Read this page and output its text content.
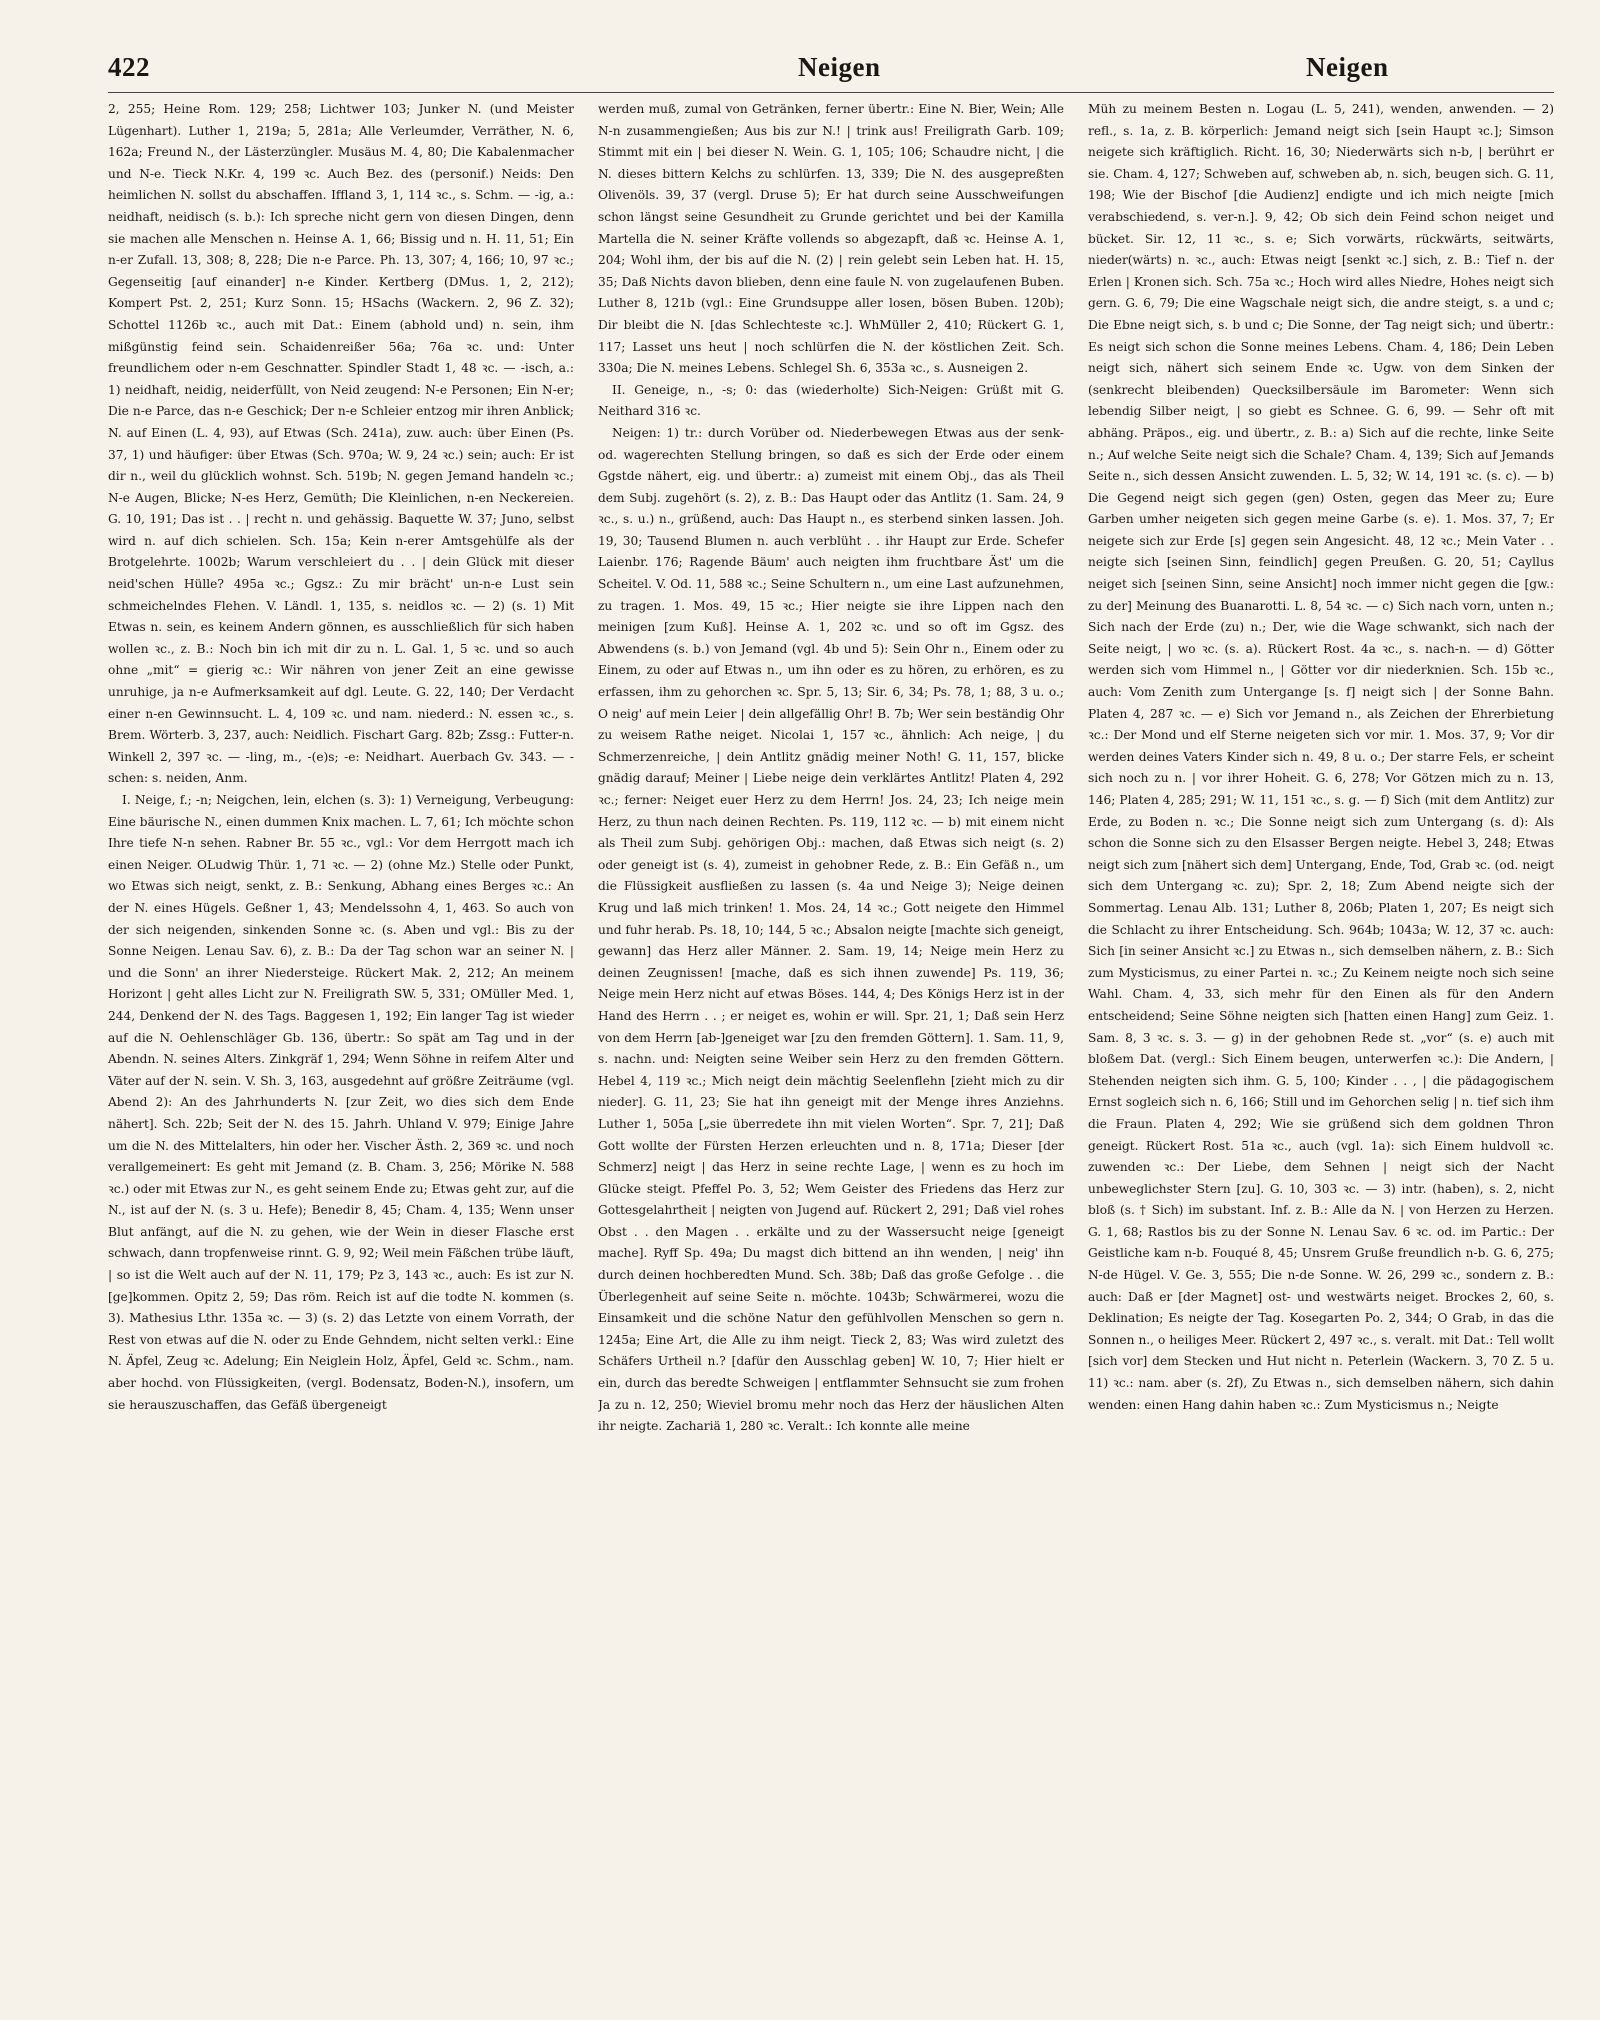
422	Neigen	Neigen

2, 255; Heine Rom. 129; 258; Lichtwer 103; Junker N. (und Meister Lügenhart). Luther 1, 219a; 5, 281a; Alle Verleumder, Verräther, N. 6, 162a; Freund N., der Lästerzüngler. Musäus M. 4, 80; Die Kabalenmacher und N-e. Tieck N.Kr. 4, 199 ꝛc. Auch Bez. des (personif.) Neids: Den heimlichen N. sollst du abschaffen. Iffland 3, 1, 114 ꝛc., s. Schm. — -ig, a.: neidhaft, neidisch (s. b.): Ich spreche nicht gern von diesen Dingen, denn sie machen alle Menschen n. Heinse A. 1, 66; Bissig und n. H. 11, 51; Ein n-er Zufall. 13, 308; 8, 228; Die n-e Parce. Ph. 13, 307; 4, 166; 10, 97 ꝛc.; Gegenseitig [auf einander] n-e Kinder. Kertberg (DMus. 1, 2, 212); Kompert Pst. 2, 251; Kurz Sonn. 15; HSachs (Wackern. 2, 96 Z. 32); Schottel 1126b ꝛc., auch mit Dat.: Einem (abhold und) n. sein, ihm mißgünstig feind sein. Schaidenreißer 56a; 76a ꝛc. und: Unter freundlichem oder n-em Geschnatter. Spindler Stadt 1, 48 ꝛc. — -isch, a.: 1) neidhaft, neidig, neiderfüllt, von Neid zeugend: N-e Personen; Ein N-er; Die n-e Parce, das n-e Geschick; Der n-e Schleier entzog mir ihren Anblick; N. auf Einen (L. 4, 93), auf Etwas (Sch. 241a), zuw. auch: über Einen (Ps. 37, 1) und häufiger: über Etwas (Sch. 970a; W. 9, 24 ꝛc.) sein; auch: Er ist dir n., weil du glücklich wohnst. Sch. 519b; N. gegen Jemand handeln ꝛc.; N-e Augen, Blicke; N-es Herz, Gemüth; Die Kleinlichen, n-en Neckereien. G. 10, 191; Das ist . . | recht n. und gehässig. Baquette W. 37; Juno, selbst wird n. auf dich schielen. Sch. 15a; Kein n-erer Amtsgehülfe als der Brotgelehrte. 1002b; Warum verschleiert du . . | dein Glück mit dieser neid'schen Hülle? 495a ꝛc.; Ggsz.: Zu mir brächt' un-n-e Lust sein schmeichelndes Flehen. V. Ländl. 1, 135, s. neidlos ꝛc. — 2) (s. 1) Mit Etwas n. sein, es keinem Andern gönnen, es ausschließlich für sich haben wollen ꝛc., z. B.: Noch bin ich mit dir zu n. L. Gal. 1, 5 ꝛc. und so auch ohne „mit“ = gierig ꝛc.: Wir nähren von jener Zeit an eine gewisse unruhige, ja n-e Aufmerksamkeit auf dgl. Leute. G. 22, 140; Der Verdacht einer n-en Gewinnsucht. L. 4, 109 ꝛc. und nam. niederd.: N. essen ꝛc., s. Brem. Wörterb. 3, 237, auch: Neidlich. Fischart Garg. 82b; Zssg.: Futter-n. Winkell 2, 397 ꝛc. — -ling, m., -(e)s; -e: Neidhart. Auerbach Gv. 343. — -schen: s. neiden, Anm.

I. Neige, f.; -n; Neigchen, lein, elchen (s. 3): 1) Verneigung, Verbeugung: Eine bäurische N., einen dummen Knix machen. L. 7, 61; Ich möchte schon Ihre tiefe N-n sehen. Rabner Br. 55 ꝛc., vgl.: Vor dem Herrgott mach ich einen Neiger. OLudwig Thür. 1, 71 ꝛc. — 2) (ohne Mz.) Stelle oder Punkt, wo Etwas sich neigt, senkt, z. B.: Senkung, Abhang eines Berges ꝛc.: An der N. eines Hügels. Geßner 1, 43; Mendelssohn 4, 1, 463. So auch von der sich neigenden, sinkenden Sonne ꝛc. (s. Aben und vgl.: Bis zu der Sonne Neigen. Lenau Sav. 6), z. B.: Da der Tag schon war an seiner N. | und die Sonn' an ihrer Niedersteige. Rückert Mak. 2, 212; An meinem Horizont | geht alles Licht zur N. Freiligrath SW. 5, 331; OMüller Med. 1, 244, Denkend der N. des Tags. Baggesen 1, 192; Ein langer Tag ist wieder auf die N. Oehlenschläger Gb. 136, übertr.: So spät am Tag und in der Abendn. N. seines Alters. Zinkgräf 1, 294; Wenn Söhne in reifem Alter und Väter auf der N. sein. V. Sh. 3, 163, ausgedehnt auf größre Zeiträume (vgl. Abend 2): An des Jahrhunderts N. [zur Zeit, wo dies sich dem Ende nähert]. Sch. 22b; Seit der N. des 15. Jahrh. Uhland V. 979; Einige Jahre um die N. des Mittelalters, hin oder her. Vischer Ästh. 2, 369 ꝛc. und noch verallgemeinert: Es geht mit Jemand (z. B. Cham. 3, 256; Mörike N. 588 ꝛc.) oder mit Etwas zur N., es geht seinem Ende zu; Etwas geht zur, auf die N., ist auf der N. (s. 3 u. Hefe); Benedir 8, 45; Cham. 4, 135; Wenn unser Blut anfängt, auf die N. zu gehen, wie der Wein in dieser Flasche erst schwach, dann tropfenweise rinnt. G. 9, 92; Weil mein Fäßchen trübe läuft, | so ist die Welt auch auf der N. 11, 179; Pz 3, 143 ꝛc., auch: Es ist zur N. [ge]kommen. Opitz 2, 59; Das röm. Reich ist auf die todte N. kommen (s. 3). Mathesius Lthr. 135a ꝛc. — 3) (s. 2) das Letzte von einem Vorrath, der Rest von etwas auf die N. oder zu Ende Gehndem, nicht selten verkl.: Eine N. Äpfel, Zeug ꝛc. Adelung; Ein Neiglein Holz, Äpfel, Geld ꝛc. Schm., nam. aber hochd. von Flüssigkeiten, (vergl. Bodensatz, Boden-N.), insofern, um sie herauszuschaffen, das Gefäß übergeneigt

werden muß, zumal von Getränken, ferner übertr.: Eine N. Bier, Wein; Alle N-n zusammengießen; Aus bis zur N.! | trink aus! Freiligrath Garb. 109; Stimmt mit ein | bei dieser N. Wein. G. 1, 105; 106; Schaudre nicht, | die N. dieses bittern Kelchs zu schlürfen. 13, 339; Die N. des ausgepreßten Olivenöls. 39, 37 (vergl. Druse 5); Er hat durch seine Ausschweifungen schon längst seine Gesundheit zu Grunde gerichtet und bei der Kamilla Martella die N. seiner Kräfte vollends so abgezapft, daß ꝛc. Heinse A. 1, 204; Wohl ihm, der bis auf die N. (2) | rein gelebt sein Leben hat. H. 15, 35; Daß Nichts davon blieben, denn eine faule N. von zugelaufenen Buben. Luther 8, 121b (vgl.: Eine Grundsuppe aller losen, bösen Buben. 120b); Dir bleibt die N. [das Schlechteste ꝛc.]. WhMüller 2, 410; Rückert G. 1, 117; Lasset uns heut | noch schlürfen die N. der köstlichen Zeit. Sch. 330a; Die N. meines Lebens. Schlegel Sh. 6, 353a ꝛc., s. Ausneigen 2.

II. Geneige, n., -s; 0: das (wiederholte) Sich-Neigen: Grüßt mit G. Neithard 316 ꝛc.

Neigen: 1) tr.: durch Vorüber od. Niederbewegen Etwas aus der senk- od. wagerechten Stellung bringen, so daß es sich der Erde oder einem Ggstde nähert, eig. und übertr.: a) zumeist mit einem Obj., das als Theil dem Subj. zugehört (s. 2), z. B.: Das Haupt oder das Antlitz (1. Sam. 24, 9 ꝛc., s. u.) n., grüßend, auch: Das Haupt n., es sterbend sinken lassen. Joh. 19, 30; Tausend Blumen n. auch verblüht . . ihr Haupt zur Erde. Schefer Laienbr. 176; Ragende Bäum' auch neigten ihm fruchtbare Äst' um die Scheitel. V. Od. 11, 588 ꝛc.; Seine Schultern n., um eine Last aufzunehmen, zu tragen. 1. Mos. 49, 15 ꝛc.; Hier neigte sie ihre Lippen nach den meinigen [zum Kuß]. Heinse A. 1, 202 ꝛc. und so oft im Ggsz. des Abwendens (s. b.) von Jemand (vgl. 4b und 5): Sein Ohr n., Einem oder zu Einem, zu oder auf Etwas n., um ihn oder es zu hören, zu erhören, es zu erfassen, ihm zu gehorchen ꝛc. Spr. 5, 13; Sir. 6, 34; Ps. 78, 1; 88, 3 u. o.; O neig' auf mein Leier | dein allgefällig Ohr! B. 7b; Wer sein beständig Ohr zu weisem Rathe neiget. Nicolai 1, 157 ꝛc., ähnlich: Ach neige, | du Schmerzenreiche, | dein Antlitz gnädig meiner Noth! G. 11, 157, blicke gnädig darauf; Meiner | Liebe neige dein verklärtes Antlitz! Platen 4, 292 ꝛc.; ferner: Neiget euer Herz zu dem Herrn! Jos. 24, 23; Ich neige mein Herz, zu thun nach deinen Rechten. Ps. 119, 112 ꝛc. — b) mit einem nicht als Theil zum Subj. gehörigen Obj.: machen, daß Etwas sich neigt (s. 2) oder geneigt ist (s. 4), zumeist in gehobner Rede, z. B.: Ein Gefäß n., um die Flüssigkeit ausfließen zu lassen (s. 4a und Neige 3); Neige deinen Krug und laß mich trinken! 1. Mos. 24, 14 ꝛc.; Gott neigete den Himmel und fuhr herab. Ps. 18, 10; 144, 5 ꝛc.; Absalon neigte [machte sich geneigt, gewann] das Herz aller Männer. 2. Sam. 19, 14; Neige mein Herz zu deinen Zeugnissen! [mache, daß es sich ihnen zuwende] Ps. 119, 36; Neige mein Herz nicht auf etwas Böses. 144, 4; Des Königs Herz ist in der Hand des Herrn . . ; er neiget es, wohin er will. Spr. 21, 1; Daß sein Herz von dem Herrn [ab-]geneiget war [zu den fremden Göttern]. 1. Sam. 11, 9, s. nachn. und: Neigten seine Weiber sein Herz zu den fremden Göttern. Hebel 4, 119 ꝛc.; Mich neigt dein mächtig Seelenflehn [zieht mich zu dir nieder]. G. 11, 23; Sie hat ihn geneigt mit der Menge ihres Anziehns. Luther 1, 505a [„sie überredete ihn mit vielen Worten“. Spr. 7, 21]; Daß Gott wollte der Fürsten Herzen erleuchten und n. 8, 171a; Dieser [der Schmerz] neigt | das Herz in seine rechte Lage, | wenn es zu hoch im Glücke steigt. Pfeffel Po. 3, 52; Wem Geister des Friedens das Herz zur Gottesgelahrtheit | neigten von Jugend auf. Rückert 2, 291; Daß viel rohes Obst . . den Magen . . erkälte und zu der Wassersucht neige [geneigt mache]. Ryff Sp. 49a; Du magst dich bittend an ihn wenden, | neig' ihn durch deinen hochberedten Mund. Sch. 38b; Daß das große Gefolge . . die Überlegenheit auf seine Seite n. möchte. 1043b; Schwärmerei, wozu die Einsamkeit und die schöne Natur den gefühlvollen Menschen so gern n. 1245a; Eine Art, die Alle zu ihm neigt. Tieck 2, 83; Was wird zuletzt des Schäfers Urtheil n.? [dafür den Ausschlag geben] W. 10, 7; Hier hielt er ein, durch das beredte Schweigen | entflammter Sehnsucht sie zum frohen Ja zu n. 12, 250; Wieviel bromu mehr noch das Herz der häuslichen Alten ihr neigte. Zachariä 1, 280 ꝛc. Veralt.: Ich konnte alle meine

Müh zu meinem Besten n. Logau (L. 5, 241), wenden, anwenden. — 2) refl., s. 1a, z. B. körperlich: Jemand neigt sich [sein Haupt ꝛc.]; Simson neigete sich kräftiglich. Richt. 16, 30; Niederwärts sich n-b, | berührt er sie. Cham. 4, 127; Schweben auf, schweben ab, n. sich, beugen sich. G. 11, 198; Wie der Bischof [die Audienz] endigte und ich mich neigte [mich verabschiedend, s. ver-n.]. 9, 42; Ob sich dein Feind schon neiget und bücket. Sir. 12, 11 ꝛc., s. e; Sich vorwärts, rückwärts, seitwärts, nieder(wärts) n. ꝛc., auch: Etwas neigt [senkt ꝛc.] sich, z. B.: Tief n. der Erlen | Kronen sich. Sch. 75a ꝛc.; Hoch wird alles Niedre, Hohes neigt sich gern. G. 6, 79; Die eine Wagschale neigt sich, die andre steigt, s. a und c; Die Ebne neigt sich, s. b und c; Die Sonne, der Tag neigt sich; und übertr.: Es neigt sich schon die Sonne meines Lebens. Cham. 4, 186; Dein Leben neigt sich, nähert sich seinem Ende ꝛc. Ugw. von dem Sinken der (senkrecht bleibenden) Quecksilbersäule im Barometer: Wenn sich lebendig Silber neigt, | so giebt es Schnee. G. 6, 99. — Sehr oft mit abhäng. Präpos., eig. und übertr., z. B.: a) Sich auf die rechte, linke Seite n.; Auf welche Seite neigt sich die Schale? Cham. 4, 139; Sich auf Jemands Seite n., sich dessen Ansicht zuwenden. L. 5, 32; W. 14, 191 ꝛc. (s. c). — b) Die Gegend neigt sich gegen (gen) Osten, gegen das Meer zu; Eure Garben umher neigeten sich gegen meine Garbe (s. e). 1. Mos. 37, 7; Er neigete sich zur Erde [s] gegen sein Angesicht. 48, 12 ꝛc.; Mein Vater . . neigte sich [seinen Sinn, feindlich] gegen Preußen. G. 20, 51; Cayllus neiget sich [seinen Sinn, seine Ansicht] noch immer nicht gegen die [gw.: zu der] Meinung des Buanarotti. L. 8, 54 ꝛc. — c) Sich nach vorn, unten n.; Sich nach der Erde (zu) n.; Der, wie die Wage schwankt, sich nach der Seite neigt, | wo ꝛc. (s. a). Rückert Rost. 4a ꝛc., s. nach-n. — d) Götter werden sich vom Himmel n., | Götter vor dir niederknien. Sch. 15b ꝛc., auch: Vom Zenith zum Untergange [s. f] neigt sich | der Sonne Bahn. Platen 4, 287 ꝛc. — e) Sich vor Jemand n., als Zeichen der Ehrerbietung ꝛc.: Der Mond und elf Sterne neigeten sich vor mir. 1. Mos. 37, 9; Vor dir werden deines Vaters Kinder sich n. 49, 8 u. o.; Der starre Fels, er scheint sich noch zu n. | vor ihrer Hoheit. G. 6, 278; Vor Götzen mich zu n. 13, 146; Platen 4, 285; 291; W. 11, 151 ꝛc., s. g. — f) Sich (mit dem Antlitz) zur Erde, zu Boden n. ꝛc.; Die Sonne neigt sich zum Untergang (s. d): Als schon die Sonne sich zu den Elsasser Bergen neigte. Hebel 3, 248; Etwas neigt sich zum [nähert sich dem] Untergang, Ende, Tod, Grab ꝛc. (od. neigt sich dem Untergang ꝛc. zu); Spr. 2, 18; Zum Abend neigte sich der Sommertag. Lenau Alb. 131; Luther 8, 206b; Platen 1, 207; Es neigt sich die Schlacht zu ihrer Entscheidung. Sch. 964b; 1043a; W. 12, 37 ꝛc. auch: Sich [in seiner Ansicht ꝛc.] zu Etwas n., sich demselben nähern, z. B.: Sich zum Mysticismus, zu einer Partei n. ꝛc.; Zu Keinem neigte noch sich seine Wahl. Cham. 4, 33, sich mehr für den Einen als für den Andern entscheidend; Seine Söhne neigten sich [hatten einen Hang] zum Geiz. 1. Sam. 8, 3 ꝛc. s. 3. — g) in der gehobnen Rede st. „vor“ (s. e) auch mit bloßem Dat. (vergl.: Sich Einem beugen, unterwerfen ꝛc.): Die Andern, | Stehenden neigten sich ihm. G. 5, 100; Kinder . . , | die pädagogischem Ernst sogleich sich n. 6, 166; Still und im Gehorchen selig | n. tief sich ihm die Fraun. Platen 4, 292; Wie sie grüßend sich dem goldnen Thron geneigt. Rückert Rost. 51a ꝛc., auch (vgl. 1a): sich Einem huldvoll ꝛc. zuwenden ꝛc.: Der Liebe, dem Sehnen | neigt sich der Nacht unbeweglichster Stern [zu]. G. 10, 303 ꝛc. — 3) intr. (haben), s. 2, nicht bloß (s. † Sich) im substant. Inf. z. B.: Alle da N. | von Herzen zu Herzen. G. 1, 68; Rastlos bis zu der Sonne N. Lenau Sav. 6 ꝛc. od. im Partic.: Der Geistliche kam n-b. Fouqué 8, 45; Unsrem Gruße freundlich n-b. G. 6, 275; N-de Hügel. V. Ge. 3, 555; Die n-de Sonne. W. 26, 299 ꝛc., sondern z. B.: auch: Daß er [der Magnet] ost- und westwärts neiget. Brockes 2, 60, s. Deklination; Es neigte der Tag. Kosegarten Po. 2, 344; O Grab, in das die Sonnen n., o heiliges Meer. Rückert 2, 497 ꝛc., s. veralt. mit Dat.: Tell wollt [sich vor] dem Stecken und Hut nicht n. Peterlein (Wackern. 3, 70 Z. 5 u. 11) ꝛc.: nam. aber (s. 2f), Zu Etwas n., sich demselben nähern, sich dahin wenden: einen Hang dahin haben ꝛc.: Zum Mysticismus n.; Neigte
